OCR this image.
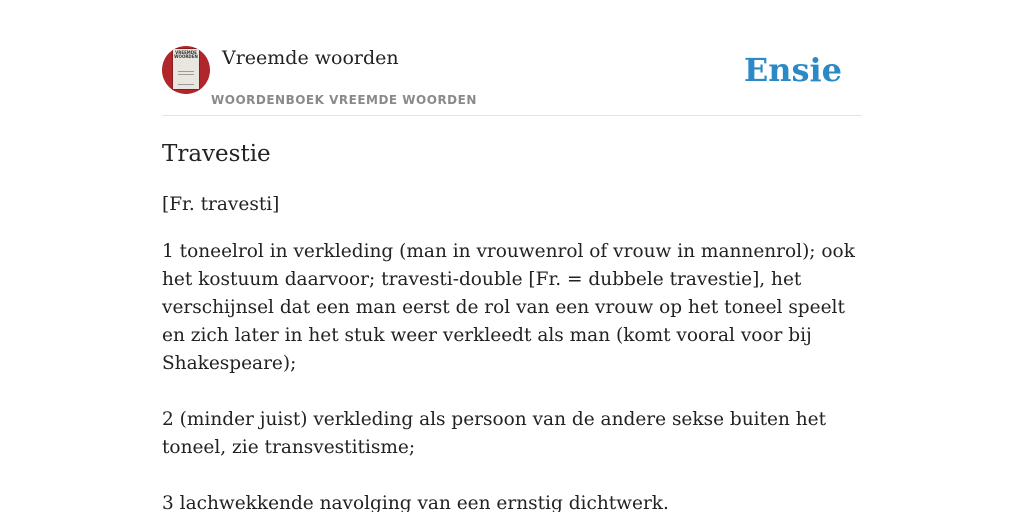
VREEMDE WOORDEN Vreemde woorden
WOORDENBOEK VREEMDE WOORDEN
Ensie
Travestie

[Fr. travesti]

1 toneelrol in verkleding (man in vrouwenrol of vrouw in mannenrol); ook het kostuum daarvoor; travesti-double [Fr. = dubbele travestie], het verschijnsel dat een man eerst de rol van een vrouw op het toneel speelt en zich later in het stuk weer verkleedt als man (komt vooral voor bij Shakespeare);

2 (minder juist) verkleding als persoon van de andere sekse buiten het toneel, zie transvestitisme;

3 lachwekkende navolging van een ernstig dichtwerk.
